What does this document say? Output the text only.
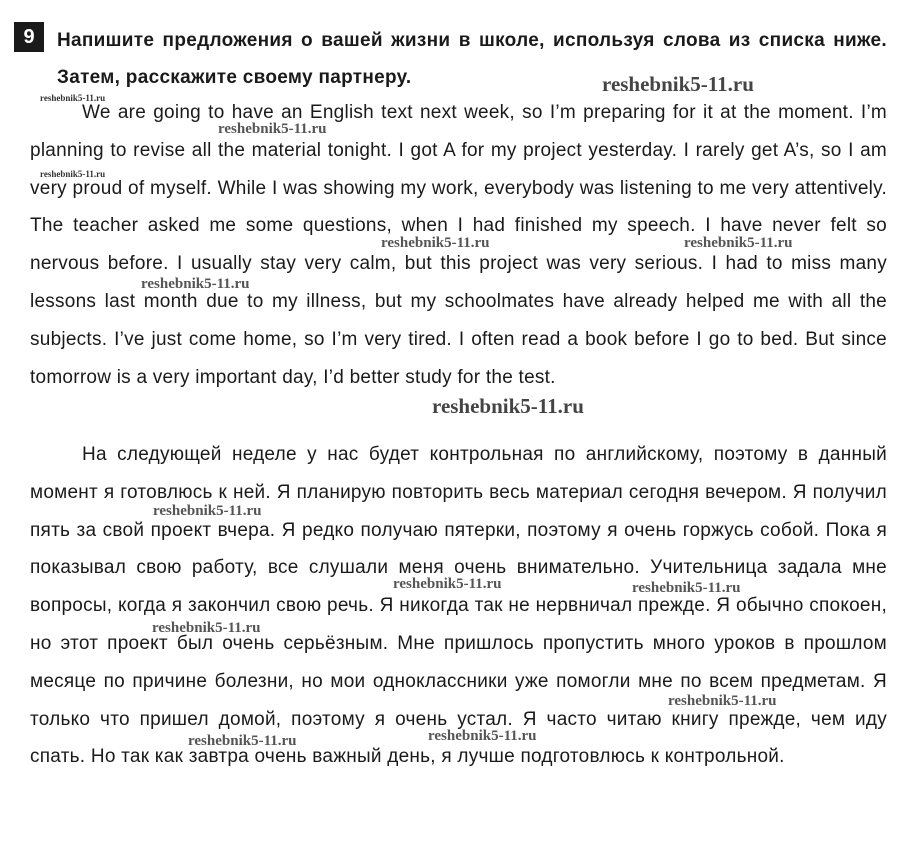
9	Напишите предложения о вашей жизни в школе, используя слова из списка ниже. Затем, расскажите своему партнеру.
We are going to have an English text next week, so I’m preparing for it at the moment. I’m planning to revise all the material tonight. I got A for my project yesterday. I rarely get A’s, so I am very proud of myself. While I was showing my work, everybody was listening to me very attentively. The teacher asked me some questions, when I had finished my speech. I have never felt so nervous before. I usually stay very calm, but this project was very serious. I had to miss many lessons last month due to my illness, but my schoolmates have already helped me with all the subjects. I’ve just come home, so I’m very tired. I often read a book before I go to bed. But since tomorrow is a very important day, I’d better study for the test.
На следующей неделе у нас будет контрольная по английскому, поэтому в данный момент я готовлюсь к ней. Я планирую повторить весь материал сегодня вечером. Я получил пять за свой проект вчера. Я редко получаю пятерки, поэтому я очень горжусь собой. Пока я показывал свою работу, все слушали меня очень внимательно. Учительница задала мне вопросы, когда я закончил свою речь. Я никогда так не нервничал прежде. Я обычно спокоен, но этот проект был очень серьёзным. Мне пришлось пропустить много уроков в прошлом месяце по причине болезни, но мои одноклассники уже помогли мне по всем предметам. Я только что пришел домой, поэтому я очень устал. Я часто читаю книгу прежде, чем иду спать. Но так как завтра очень важный день, я лучше подготовлюсь к контрольной.
reshebnik5-11.ru
reshebnik5-11.ru
reshebnik5-11.ru
reshebnik5-11.ru
reshebnik5-11.ru	reshebnik5-11.ru
reshebnik5-11.ru
reshebnik5-11.ru
reshebnik5-11.ru
reshebnik5-11.ru	reshebnik5-11.ru
reshebnik5-11.ru
reshebnik5-11.ru
reshebnik5-11.ru	reshebnik5-11.ru
